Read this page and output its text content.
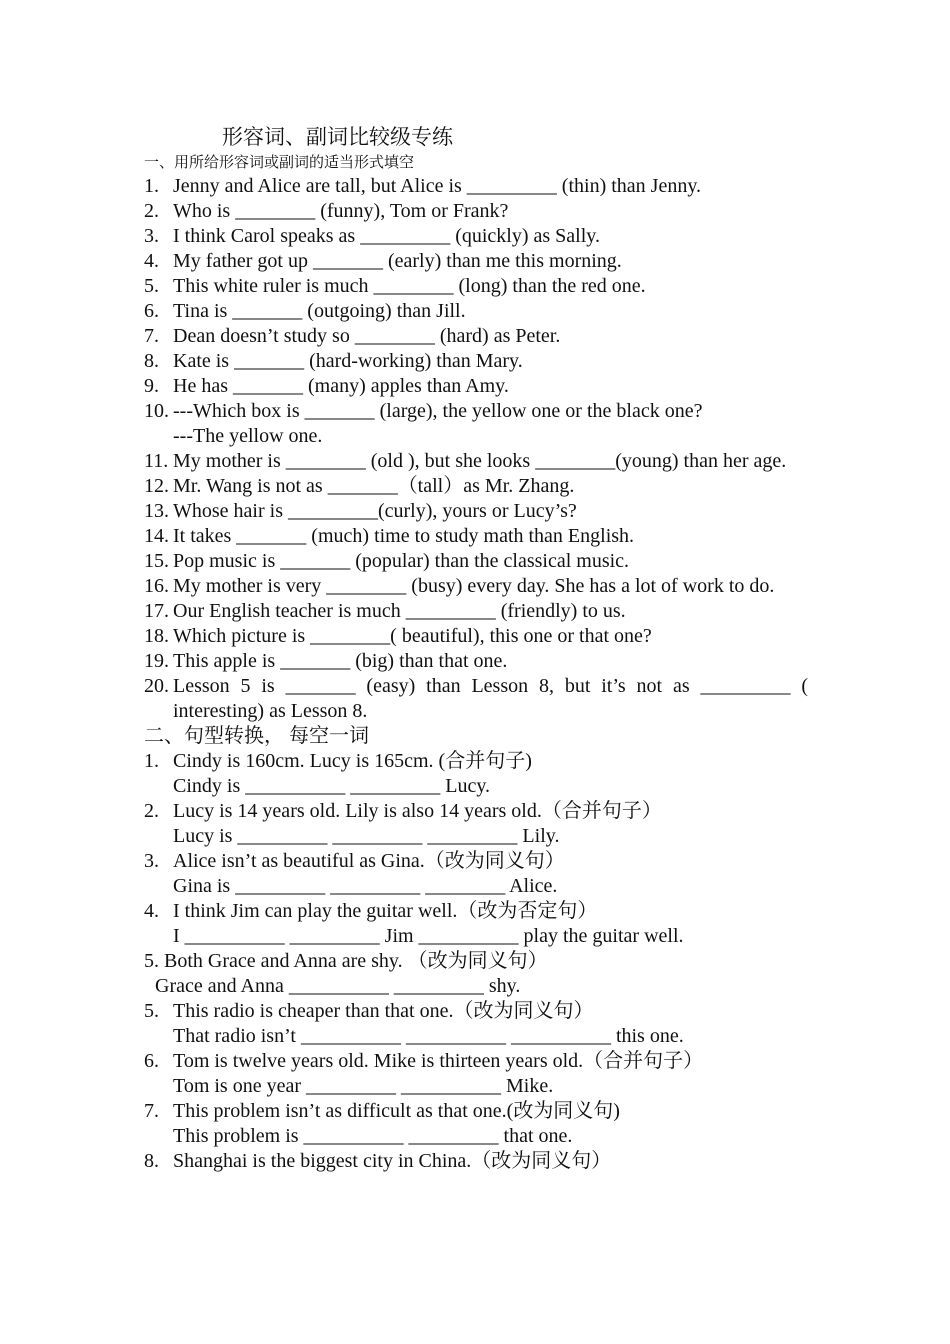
形容词、副词比较级专练
一、用所给形容词或副词的适当形式填空
1. Jenny and Alice are tall, but Alice is _________ (thin) than Jenny.
2. Who is ________ (funny), Tom or Frank?
3. I think Carol speaks as _________ (quickly) as Sally.
4. My father got up _______ (early) than me this morning.
5. This white ruler is much ________ (long) than the red one.
6. Tina is _______ (outgoing) than Jill.
7. Dean doesn’t study so ________ (hard) as Peter.
8. Kate is _______ (hard-working) than Mary.
9. He has _______ (many) apples than Amy.
10. ---Which box is _______ (large), the yellow one or the black one?
---The yellow one.
11. My mother is ________ (old ), but she looks ________(young) than her age.
12. Mr. Wang is not as _______（tall）as Mr. Zhang.
13. Whose hair is _________(curly), yours or Lucy’s?
14. It takes _______ (much) time to study math than English.
15. Pop music is _______ (popular) than the classical music.
16. My mother is very ________ (busy) every day. She has a lot of work to do.
17. Our English teacher is much _________ (friendly) to us.
18. Which picture is ________( beautiful), this one or that one?
19. This apple is _______ (big) than that one.
20. Lesson 5 is _______ (easy) than Lesson 8, but it’s not as _________ ( interesting) as Lesson 8.
二、句型转换， 每空一词
1. Cindy is 160cm. Lucy is 165cm. (合并句子)
Cindy is __________ _________ Lucy.
2. Lucy is 14 years old. Lily is also 14 years old.（合并句子）
Lucy is _________ _________ _________ Lily.
3. Alice isn’t as beautiful as Gina.（改为同义句）
Gina is _________ _________ ________ Alice.
4. I think Jim can play the guitar well.（改为否定句）
I __________ _________ Jim __________ play the guitar well.
5. Both Grace and Anna are shy. （改为同义句）
Grace and Anna __________ _________ shy.
5. This radio is cheaper than that one.（改为同义句）
That radio isn’t __________ __________ __________ this one.
6. Tom is twelve years old. Mike is thirteen years old.（合并句子）
Tom is one year _________ __________ Mike.
7. This problem isn’t as difficult as that one.(改为同义句)
This problem is __________ _________ that one.
8. Shanghai is the biggest city in China.（改为同义句）
